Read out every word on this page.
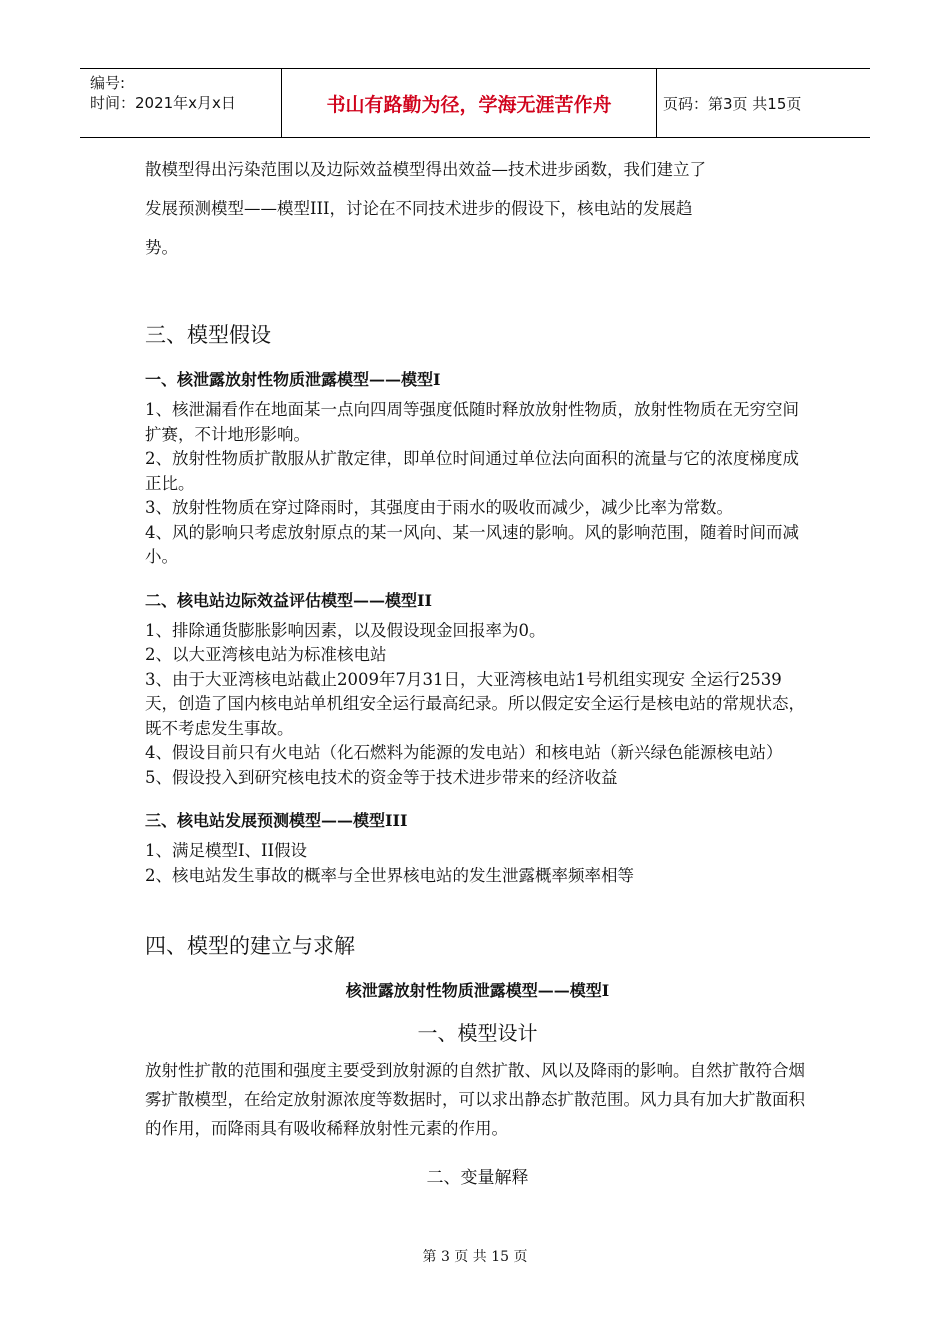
编号:
时间：2021年x月x日	书山有路勤为径，学海无涯苦作舟	页码：第3页 共15页

散模型得出污染范围以及边际效益模型得出效益—技术进步函数，我们建立了

发展预测模型——模型III，讨论在不同技术进步的假设下，核电站的发展趋

势。

三、模型假设

一、核泄露放射性物质泄露模型——模型I

1、核泄漏看作在地面某一点向四周等强度低随时释放放射性物质，放射性物质在无穷空间扩赛，不计地形影响。

2、放射性物质扩散服从扩散定律，即单位时间通过单位法向面积的流量与它的浓度梯度成正比。

3、放射性物质在穿过降雨时，其强度由于雨水的吸收而减少，减少比率为常数。

4、风的影响只考虑放射原点的某一风向、某一风速的影响。风的影响范围，随着时间而减小。

二、核电站边际效益评估模型——模型II

1、排除通货膨胀影响因素，以及假设现金回报率为0。

2、以大亚湾核电站为标准核电站

3、由于大亚湾核电站截止2009年7月31日，大亚湾核电站1号机组实现安 全运行2539天，创造了国内核电站单机组安全运行最高纪录。所以假定安全运行是核电站的常规状态，既不考虑发生事故。

4、假设目前只有火电站（化石燃料为能源的发电站）和核电站（新兴绿色能源核电站）

5、假设投入到研究核电技术的资金等于技术进步带来的经济收益

三、核电站发展预测模型——模型III

1、满足模型I、II假设

2、核电站发生事故的概率与全世界核电站的发生泄露概率频率相等

四、模型的建立与求解

核泄露放射性物质泄露模型——模型I

一、模型设计

放射性扩散的范围和强度主要受到放射源的自然扩散、风以及降雨的影响。自然扩散符合烟雾扩散模型，在给定放射源浓度等数据时，可以求出静态扩散范围。风力具有加大扩散面积的作用，而降雨具有吸收稀释放射性元素的作用。

二、变量解释

第 3 页 共 15 页
